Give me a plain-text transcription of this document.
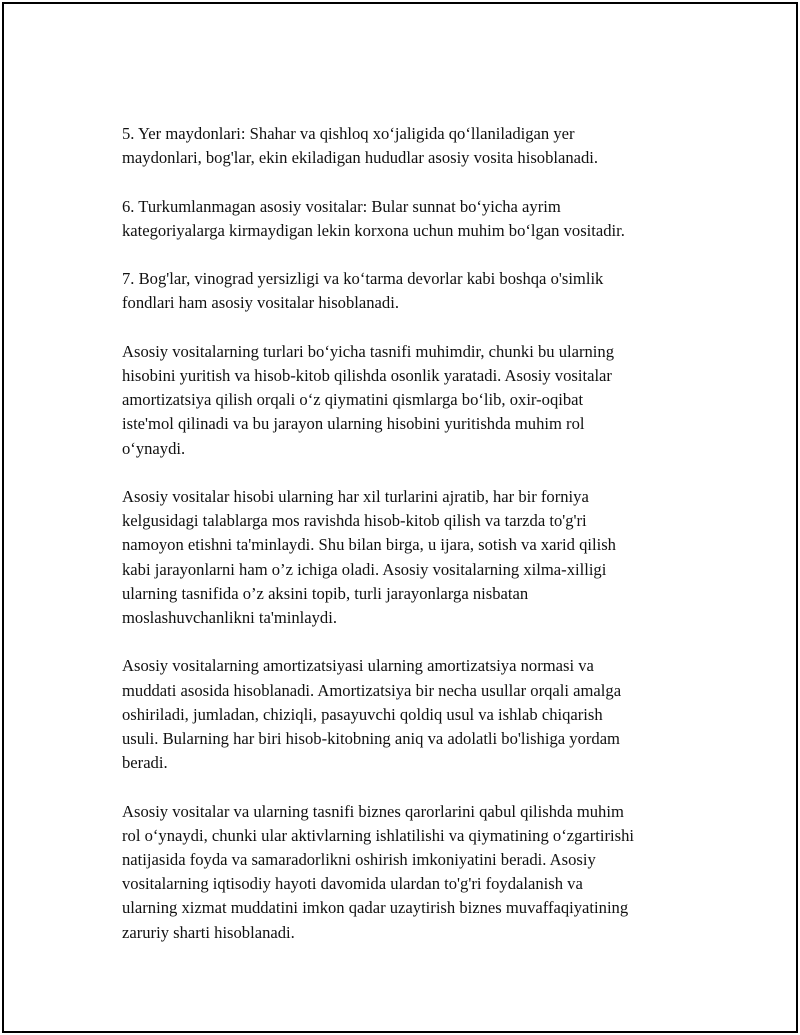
5. Yer maydonlari: Shahar va qishloq xo‘jaligida qo‘llaniladigan yer
maydonlari, bog'lar, ekin ekiladigan hududlar asosiy vosita hisoblanadi.

6. Turkumlanmagan asosiy vositalar: Bular sunnat bo‘yicha ayrim
kategoriyalarga kirmaydigan lekin korxona uchun muhim bo‘lgan vositadir.

7. Bog'lar, vinograd yersizligi va ko‘tarma devorlar kabi boshqa o'simlik
fondlari ham asosiy vositalar hisoblanadi.

Asosiy vositalarning turlari bo‘yicha tasnifi muhimdir, chunki bu ularning
hisobini yuritish va hisob-kitob qilishda osonlik yaratadi. Asosiy vositalar
amortizatsiya qilish orqali o‘z qiymatini qismlarga bo‘lib, oxir-oqibat
iste'mol qilinadi va bu jarayon ularning hisobini yuritishda muhim rol
o‘ynaydi.

Asosiy vositalar hisobi ularning har xil turlarini ajratib, har bir forniya
kelgusidagi talablarga mos ravishda hisob-kitob qilish va tarzda to'g'ri
namoyon etishni ta'minlaydi. Shu bilan birga, u ijara, sotish va xarid qilish
kabi jarayonlarni ham o’z ichiga oladi. Asosiy vositalarning xilma-xilligi
ularning tasnifida o’z aksini topib, turli jarayonlarga nisbatan
moslashuvchanlikni ta'minlaydi.

Asosiy vositalarning amortizatsiyasi ularning amortizatsiya normasi va
muddati asosida hisoblanadi. Amortizatsiya bir necha usullar orqali amalga
oshiriladi, jumladan, chiziqli, pasayuvchi qoldiq usul va ishlab chiqarish
usuli. Bularning har biri hisob-kitobning aniq va adolatli bo'lishiga yordam
beradi.

Asosiy vositalar va ularning tasnifi biznes qarorlarini qabul qilishda muhim
rol o‘ynaydi, chunki ular aktivlarning ishlatilishi va qiymatining o‘zgartirishi
natijasida foyda va samaradorlikni oshirish imkoniyatini beradi. Asosiy
vositalarning iqtisodiy hayoti davomida ulardan to'g'ri foydalanish va
ularning xizmat muddatini imkon qadar uzaytirish biznes muvaffaqiyatining
zaruriy sharti hisoblanadi.
